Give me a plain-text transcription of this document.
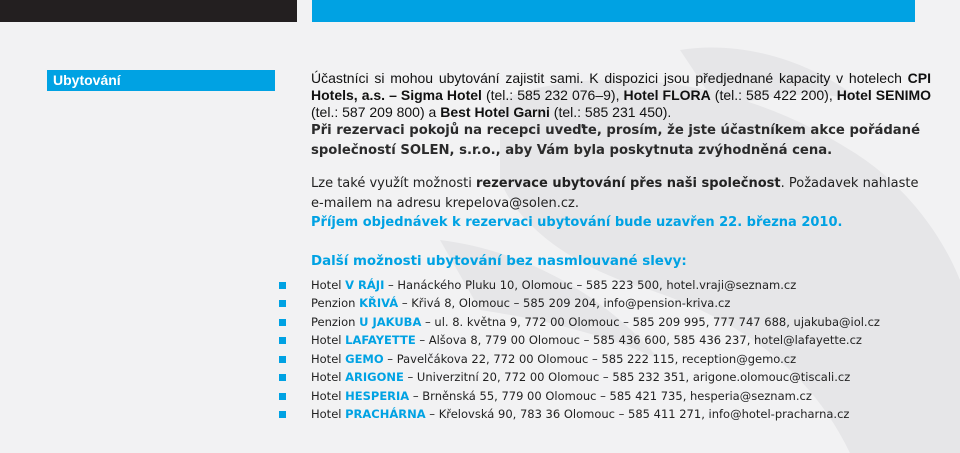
Ubytování	Účastníci si mohou ubytování zajistit sami. K dispozici jsou předjednané kapacity v hotelech CPI Hotels, a.s. – Sigma Hotel (tel.: 585 232 076–9), Hotel FLORA (tel.: 585 422 200), Hotel SENIMO (tel.: 587 209 800) a Best Hotel Garni (tel.: 585 231 450).

Při rezervaci pokojů na recepci uveďte, prosím, že jste účastníkem akce pořádané společností SOLEN, s.r.o., aby Vám byla poskytnuta zvýhodněná cena.

Lze také využít možnosti rezervace ubytování přes naši společnost. Požadavek nahlaste e-mailem na adresu krepelova@solen.cz.
Příjem objednávek k rezervaci ubytování bude uzavřen 22. března 2010.
Další možnosti ubytování bez nasmlouvané slevy:
Hotel V RÁJI – Hanáckého Pluku 10, Olomouc – 585 223 500, hotel.vraji@seznam.cz
Penzion KŘIVÁ – Křivá 8, Olomouc – 585 209 204, info@pension-kriva.cz
Penzion U JAKUBA – ul. 8. května 9, 772 00 Olomouc – 585 209 995, 777 747 688, ujakuba@iol.cz
Hotel LAFAYETTE – Alšova 8, 779 00 Olomouc – 585 436 600, 585 436 237, hotel@lafayette.cz
Hotel GEMO – Pavelčákova 22, 772 00 Olomouc – 585 222 115, reception@gemo.cz
Hotel ARIGONE – Univerzitní 20, 772 00 Olomouc – 585 232 351, arigone.olomouc@tiscali.cz
Hotel HESPERIA – Brněnská 55, 779 00 Olomouc – 585 421 735, hesperia@seznam.cz
Hotel PRACHÁRNA – Křelovská 90, 783 36 Olomouc – 585 411 271, info@hotel-pracharna.cz
